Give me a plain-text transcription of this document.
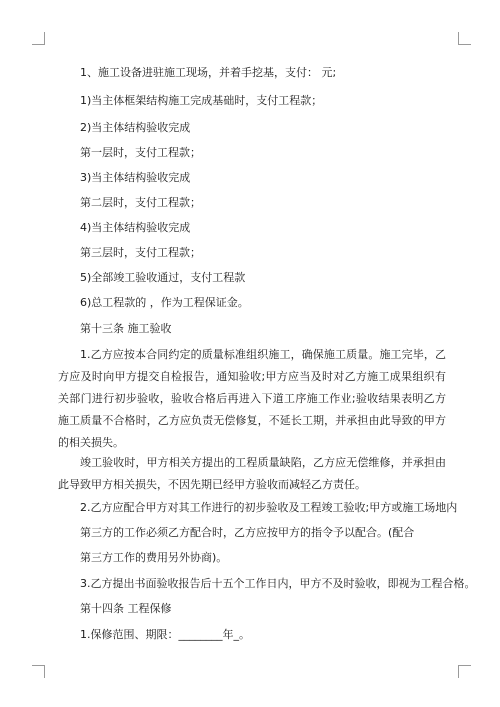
1、施工设备进驻施工现场，并着手挖基，支付： 元;
1)当主体框架结构施工完成基础时，支付工程款；
2)当主体结构验收完成
第一层时，支付工程款；
3)当主体结构验收完成
第二层时，支付工程款；
4)当主体结构验收完成
第三层时，支付工程款；
5)全部竣工验收通过，支付工程款
6)总工程款的 ，作为工程保证金。
第十三条 施工验收
1.乙方应按本合同约定的质量标准组织施工，确保施工质量。施工完毕，乙方应及时向甲方提交自检报告，通知验收;甲方应当及时对乙方施工成果组织有关部门进行初步验收，验收合格后再进入下道工序施工作业;验收结果表明乙方施工质量不合格时，乙方应负责无偿修复，不延长工期，并承担由此导致的甲方的相关损失。
竣工验收时，甲方相关方提出的工程质量缺陷，乙方应无偿维修，并承担由此导致甲方相关损失，不因先期已经甲方验收而减轻乙方责任。
2.乙方应配合甲方对其工作进行的初步验收及工程竣工验收;甲方或施工场地内
第三方的工作必须乙方配合时，乙方应按甲方的指令予以配合。(配合
第三方工作的费用另外协商)。
3.乙方提出书面验收报告后十五个工作日内，甲方不及时验收，即视为工程合格。
第十四条 工程保修
1.保修范围、期限：________年_。
